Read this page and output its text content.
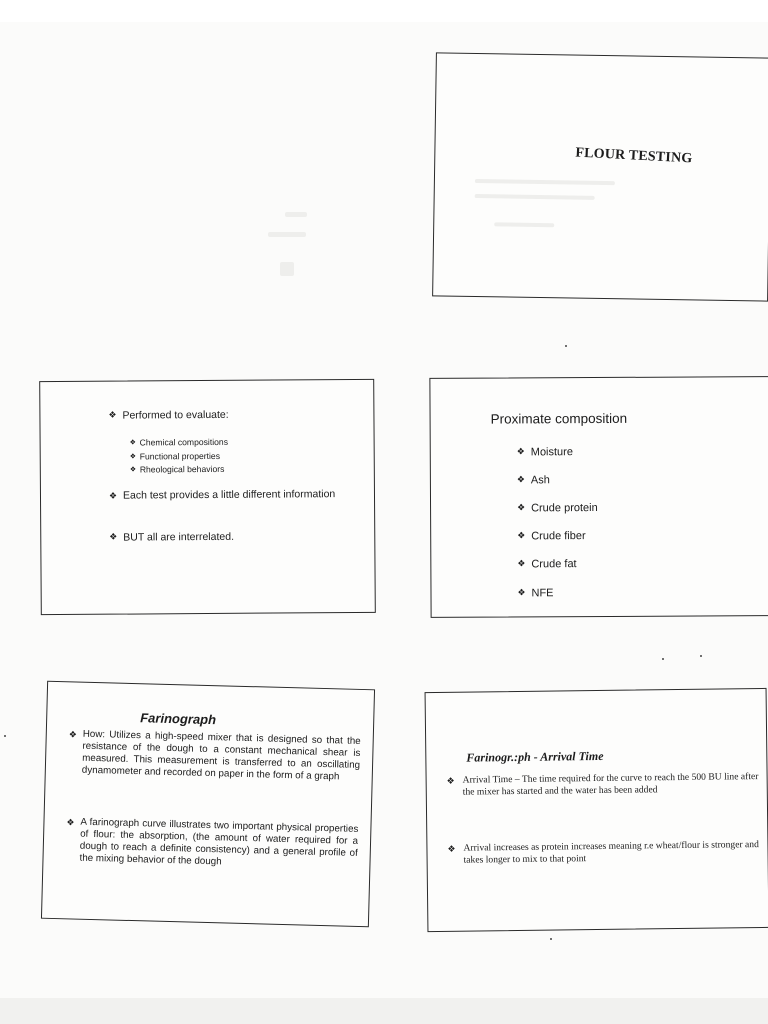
FLOUR TESTING
❖ Performed to evaluate:
❖ Chemical compositions
❖ Functional properties
❖ Rheological behaviors
❖ Each test provides a little different information
❖ BUT all are interrelated.
Proximate composition
❖ Moisture
❖ Ash
❖ Crude protein
❖ Crude fiber
❖ Crude fat
❖ NFE
Farinograph
❖ How: Utilizes a high-speed mixer that is designed so that the resistance of the dough to a constant mechanical shear is measured. This measurement is transferred to an oscillating dynamometer and recorded on paper in the form of a graph
❖ A farinograph curve illustrates two important physical properties of flour: the absorption, (the amount of water required for a dough to reach a definite consistency) and a general profile of the mixing behavior of the dough
Farinogr.:ph - Arrival Time
❖ Arrival Time – The time required for the curve to reach the 500 BU line after the mixer has started and the water has been added
❖ Arrival increases as protein increases meaning r.e wheat/flour is stronger and takes longer to mix to that point
